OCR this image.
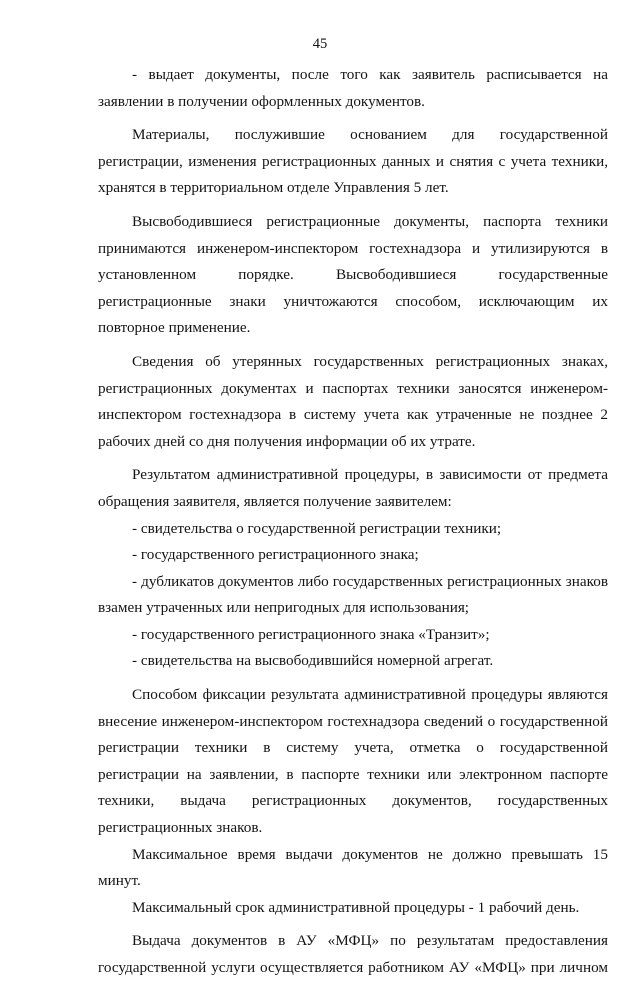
45

- выдает документы, после того как заявитель расписывается на заявлении в получении оформленных документов.

Материалы, послужившие основанием для государственной регистрации, изменения регистрационных данных и снятия с учета техники, хранятся в территориальном отделе Управления 5 лет.

Высвободившиеся регистрационные документы, паспорта техники принимаются инженером-инспектором гостехнадзора и утилизируются в установленном порядке. Высвободившиеся государственные регистрационные знаки уничтожаются способом, исключающим их повторное применение.

Сведения об утерянных государственных регистрационных знаках, регистрационных документах и паспортах техники заносятся инженером-инспектором гостехнадзора в систему учета как утраченные не позднее 2 рабочих дней со дня получения информации об их утрате.

Результатом административной процедуры, в зависимости от предмета обращения заявителя, является получение заявителем:

- свидетельства о государственной регистрации техники;

- государственного регистрационного знака;

- дубликатов документов либо государственных регистрационных знаков взамен утраченных или непригодных для использования;

- государственного регистрационного знака «Транзит»;

- свидетельства на высвободившийся номерной агрегат.

Способом фиксации результата административной процедуры являются внесение инженером-инспектором гостехнадзора сведений о государственной регистрации техники в систему учета, отметка о государственной регистрации на заявлении, в паспорте техники или электронном паспорте техники, выдача регистрационных документов, государственных регистрационных знаков.

Максимальное время выдачи документов не должно превышать 15 минут.

Максимальный срок административной процедуры - 1 рабочий день.

Выдача документов в АУ «МФЦ» по результатам предоставления государственной услуги осуществляется работником АУ «МФЦ» при личном
